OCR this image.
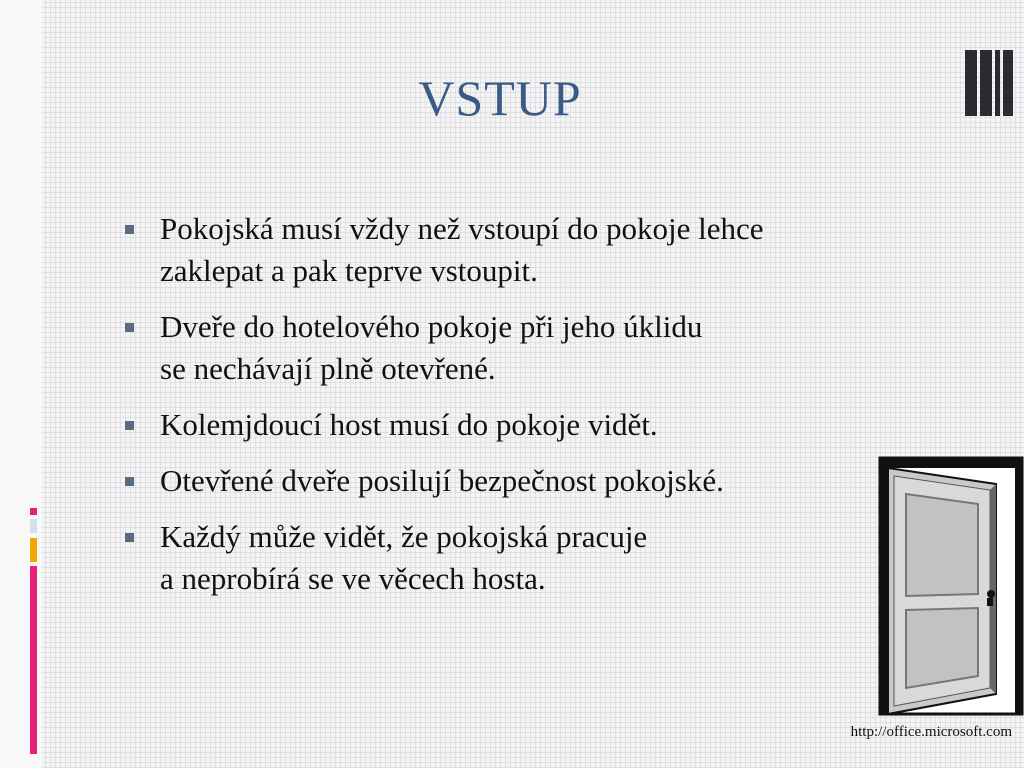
VSTUP
Pokojská musí vždy než vstoupí do pokoje lehce
zaklepat a pak teprve vstoupit.
Dveře do hotelového pokoje při jeho úklidu
se nechávají plně otevřené.
Kolemjdoucí host musí do pokoje vidět.
Otevřené dveře posilují bezpečnost pokojské.
Každý může vidět, že pokojská pracuje
a neprobírá se ve věcech hosta.

http://office.microsoft.com
